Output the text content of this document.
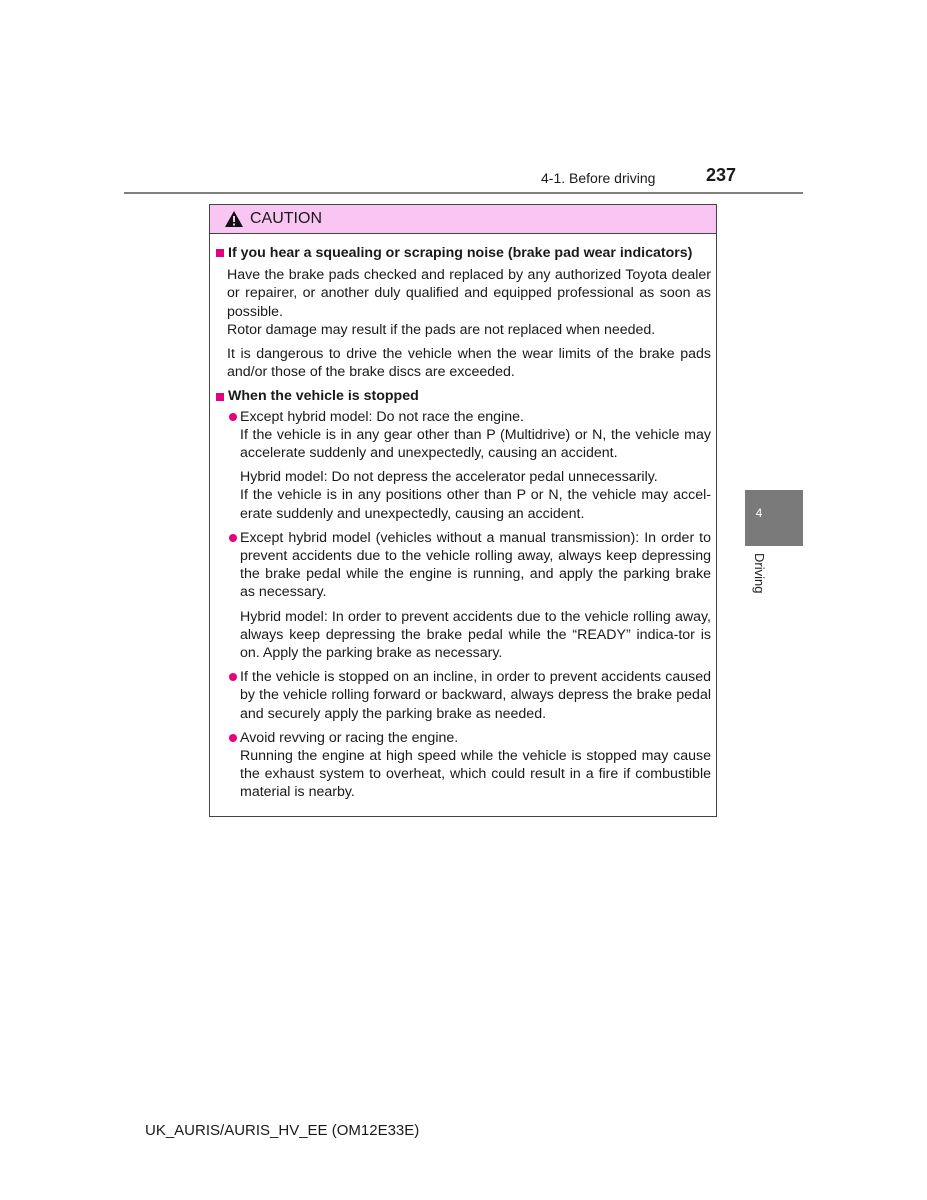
4-1. Before driving	237
4
Driving
CAUTION
If you hear a squealing or scraping noise (brake pad wear indicators)
Have the brake pads checked and replaced by any authorized Toyota dealer or repairer, or another duly qualified and equipped professional as soon as possible.
Rotor damage may result if the pads are not replaced when needed.
It is dangerous to drive the vehicle when the wear limits of the brake pads and/or those of the brake discs are exceeded.
When the vehicle is stopped
Except hybrid model: Do not race the engine.
If the vehicle is in any gear other than P (Multidrive) or N, the vehicle may accelerate suddenly and unexpectedly, causing an accident.
Hybrid model: Do not depress the accelerator pedal unnecessarily.
If the vehicle is in any positions other than P or N, the vehicle may accel-erate suddenly and unexpectedly, causing an accident.
Except hybrid model (vehicles without a manual transmission): In order to prevent accidents due to the vehicle rolling away, always keep depressing the brake pedal while the engine is running, and apply the parking brake as necessary.
Hybrid model: In order to prevent accidents due to the vehicle rolling away, always keep depressing the brake pedal while the “READY” indica-tor is on. Apply the parking brake as necessary.
If the vehicle is stopped on an incline, in order to prevent accidents caused by the vehicle rolling forward or backward, always depress the brake pedal and securely apply the parking brake as needed.
Avoid revving or racing the engine.
Running the engine at high speed while the vehicle is stopped may cause the exhaust system to overheat, which could result in a fire if combustible material is nearby.
UK_AURIS/AURIS_HV_EE (OM12E33E)
